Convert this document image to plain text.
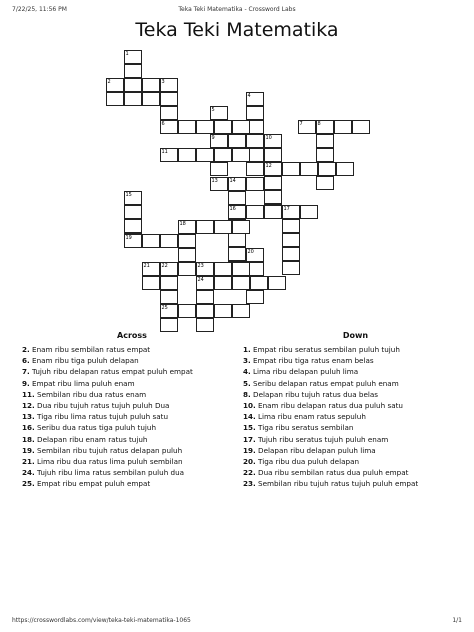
7/22/25, 11:56 PM	Teka Teki Matematika - Crossword Labs
Teka Teki Matematika
1
2	3
4
5
6	7	8
9	10
11
12
13 14
15
16	17
18
19
20
21 22	23
24
25
Across
2. Enam ribu sembilan ratus empat
6. Enam ribu tiga puluh delapan
7. Tujuh ribu delapan ratus empat puluh empat
9. Empat ribu lima puluh enam
11. Sembilan ribu dua ratus enam
12. Dua ribu tujuh ratus tujuh puluh Dua
13. Tiga ribu lima ratus tujuh puluh satu
16. Seribu dua ratus tiga puluh tujuh
18. Delapan ribu enam ratus tujuh
19. Sembilan ribu tujuh ratus delapan puluh
21. Lima ribu dua ratus lima puluh sembilan
24. Tujuh ribu lima ratus sembilan puluh dua
25. Empat ribu empat puluh empat
Down
1. Empat ribu seratus sembilan puluh tujuh
3. Empat ribu tiga ratus enam belas
4. Lima ribu delapan puluh lima
5. Seribu delapan ratus empat puluh enam
8. Delapan ribu tujuh ratus dua belas
10. Enam ribu delapan ratus dua puluh satu
14. Lima ribu enam ratus sepuluh
15. Tiga ribu seratus sembilan
17. Tujuh ribu seratus tujuh puluh enam
19. Delapan ribu delapan puluh lima
20. Tiga ribu dua puluh delapan
22. Dua ribu sembilan ratus dua puluh empat
23. Sembilan ribu tujuh ratus tujuh puluh empat
https://crosswordlabs.com/view/teka-teki-matematika-1065	1/1
